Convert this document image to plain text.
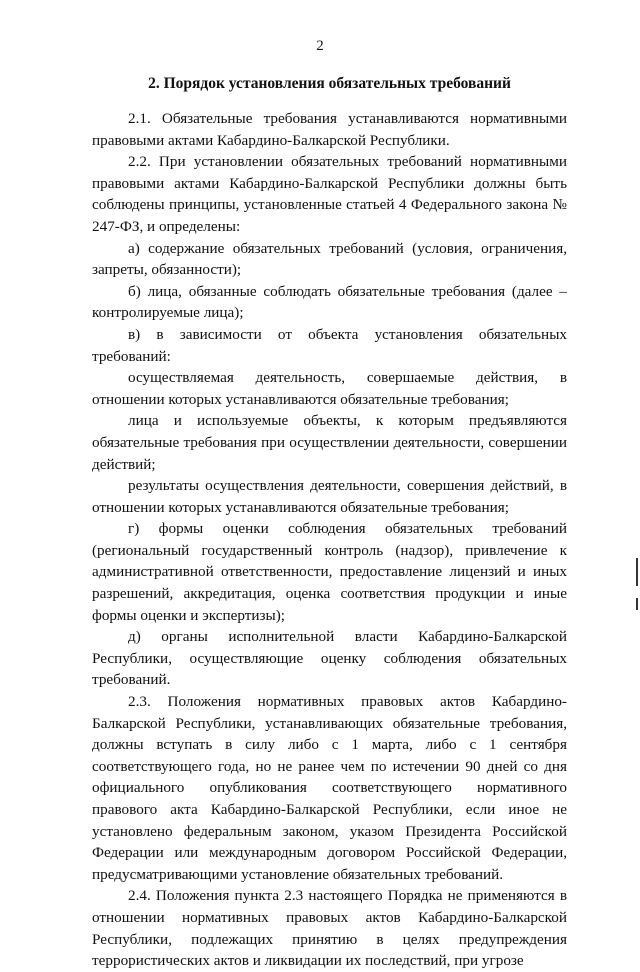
2
2. Порядок установления обязательных требований

2.1. Обязательные требования устанавливаются нормативными правовыми актами Кабардино-Балкарской Республики.

2.2. При установлении обязательных требований нормативными правовыми актами Кабардино-Балкарской Республики должны быть соблюдены принципы, установленные статьей 4 Федерального закона № 247-ФЗ, и определены:

а) содержание обязательных требований (условия, ограничения, запреты, обязанности);

б) лица, обязанные соблюдать обязательные требования (далее – контролируемые лица);

в) в зависимости от объекта установления обязательных требований:

осуществляемая деятельность, совершаемые действия, в отношении которых устанавливаются обязательные требования;

лица и используемые объекты, к которым предъявляются обязательные требования при осуществлении деятельности, совершении действий;

результаты осуществления деятельности, совершения действий, в отношении которых устанавливаются обязательные требования;

г) формы оценки соблюдения обязательных требований (региональный государственный контроль (надзор), привлечение к административной ответственности, предоставление лицензий и иных разрешений, аккредитация, оценка соответствия продукции и иные формы оценки и экспертизы);

д) органы исполнительной власти Кабардино-Балкарской Республики, осуществляющие оценку соблюдения обязательных требований.

2.3. Положения нормативных правовых актов Кабардино-Балкарской Республики, устанавливающих обязательные требования, должны вступать в силу либо с 1 марта, либо с 1 сентября соответствующего года, но не ранее чем по истечении 90 дней со дня официального опубликования соответствующего нормативного правового акта Кабардино-Балкарской Республики, если иное не установлено федеральным законом, указом Президента Российской Федерации или международным договором Российской Федерации, предусматривающими установление обязательных требований.

2.4. Положения пункта 2.3 настоящего Порядка не применяются в отношении нормативных правовых актов Кабардино-Балкарской Республики, подлежащих принятию в целях предупреждения террористических актов и ликвидации их последствий, при угрозе
